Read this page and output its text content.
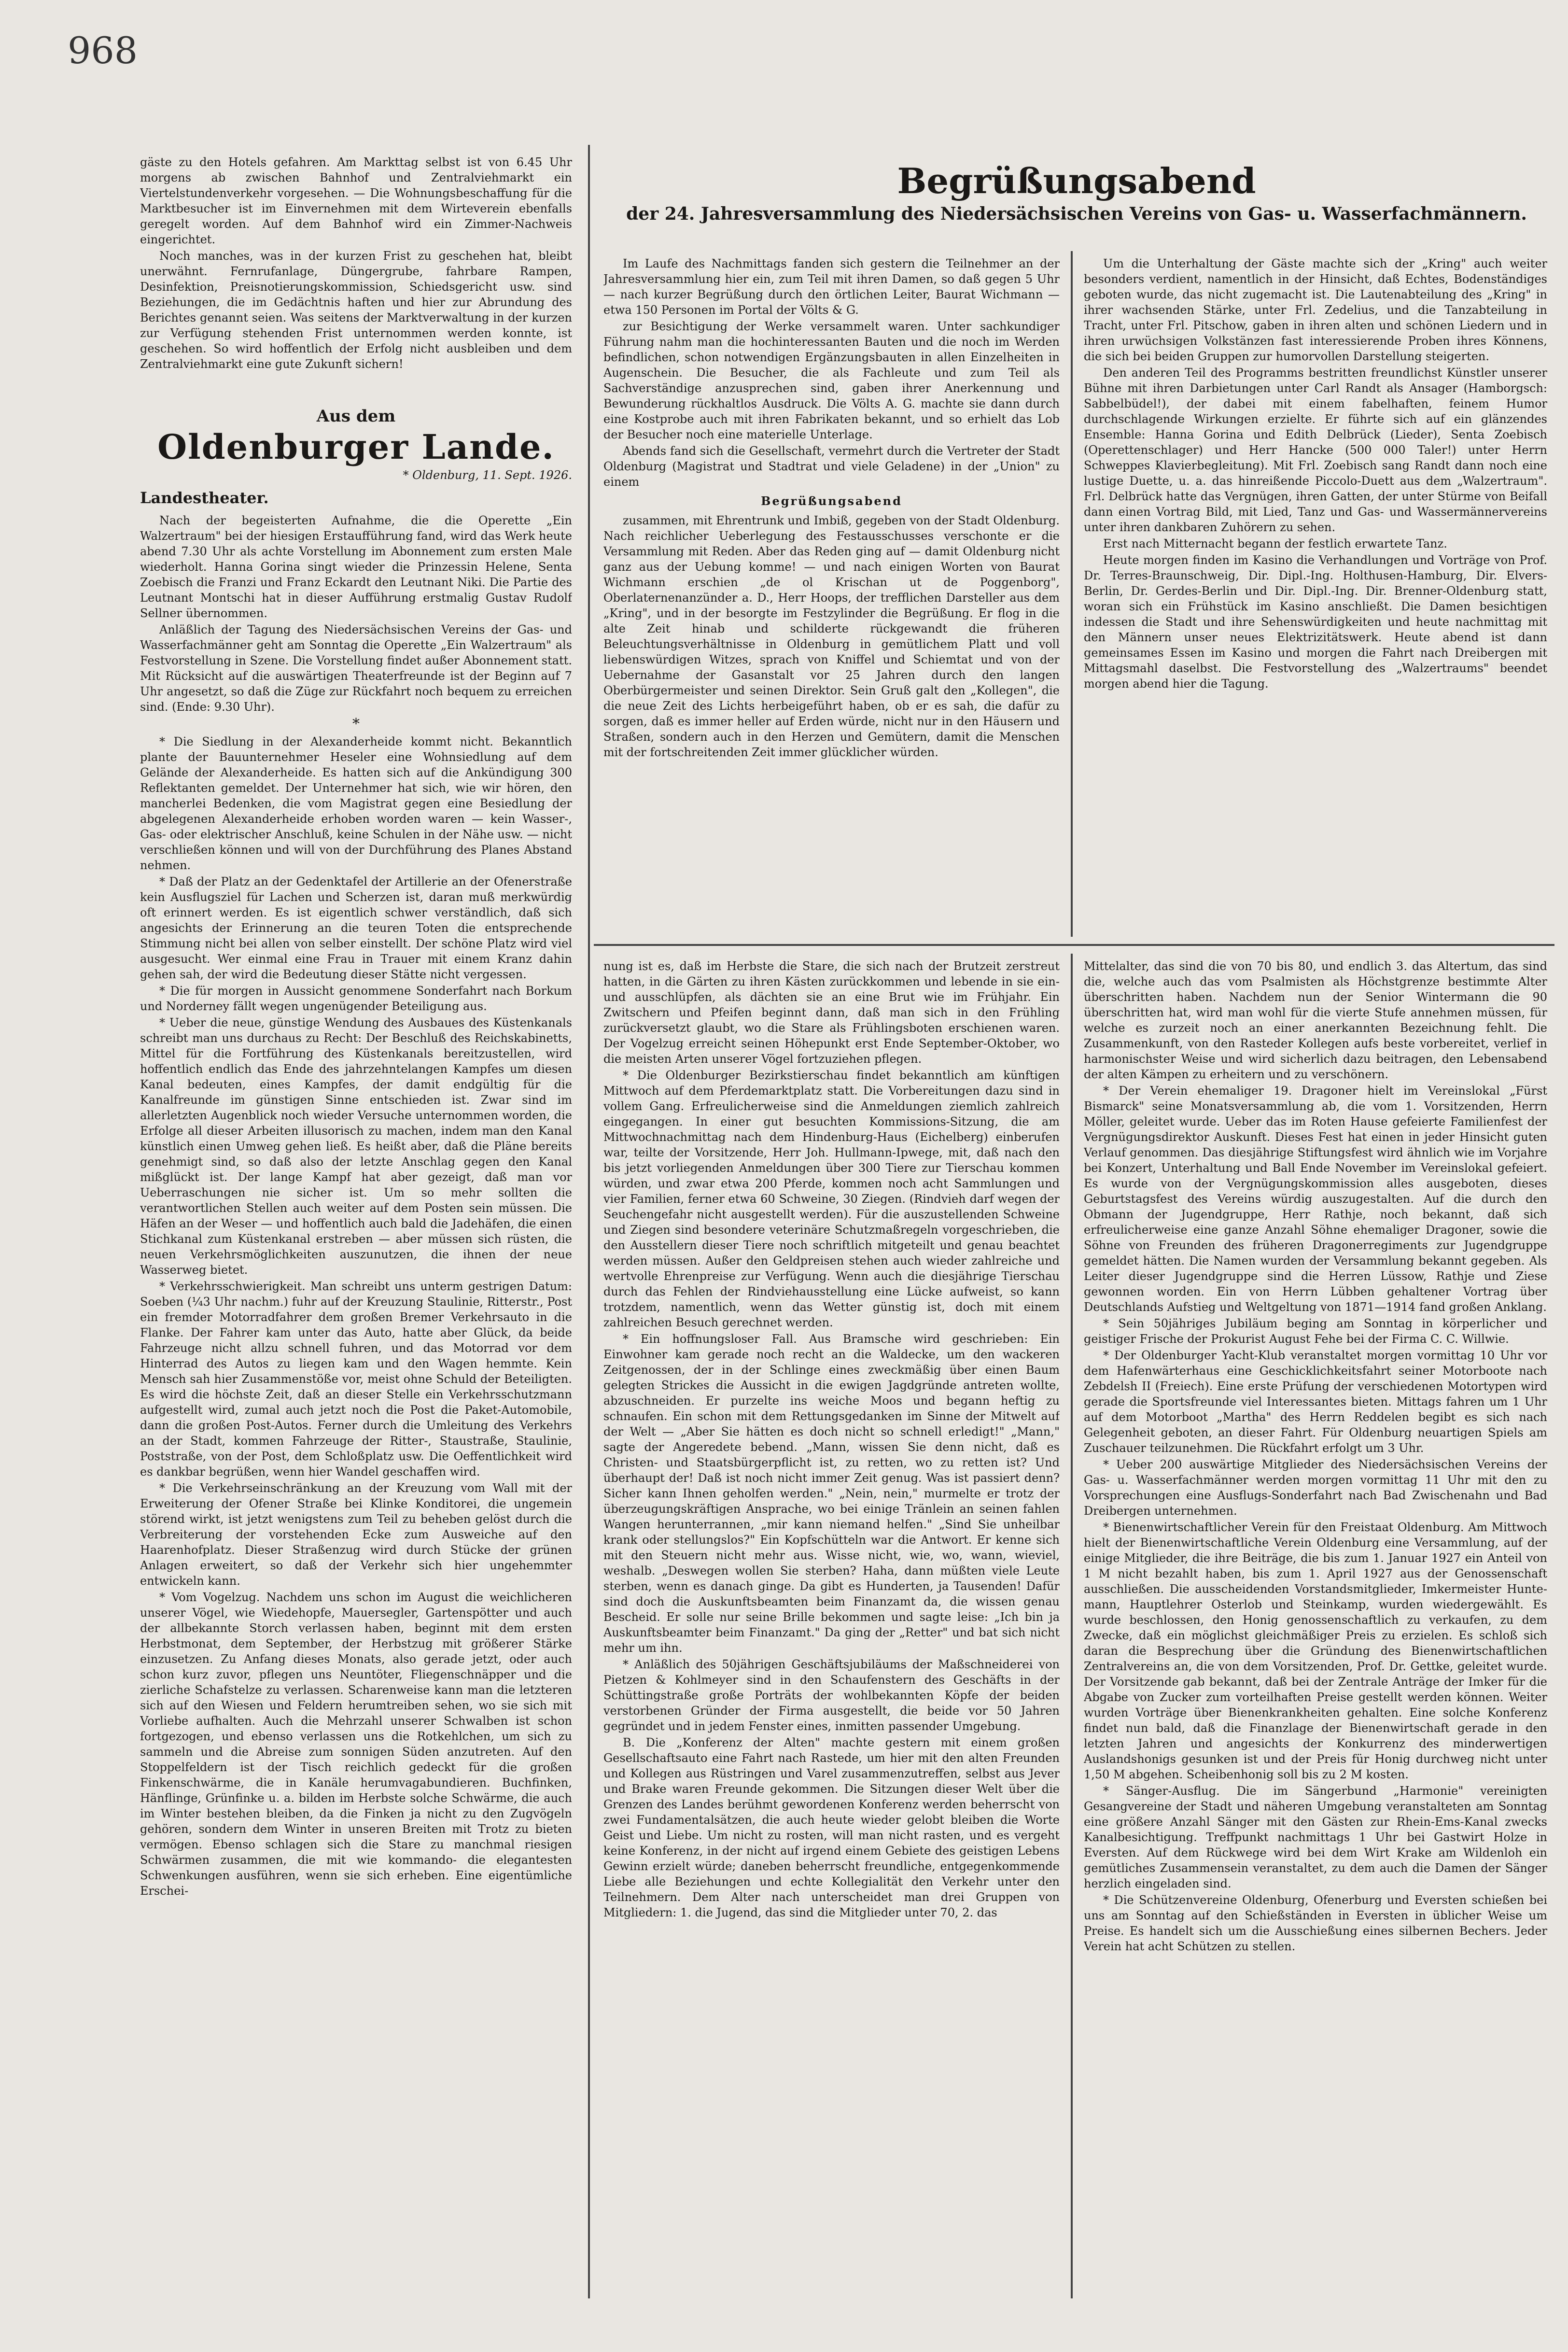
968

gäste zu den Hotels gefahren. Am Markttag selbst ist von 6.45 Uhr morgens ab zwischen Bahnhof und Zentralviehmarkt ein Viertelstundenverkehr vorgesehen. — Die Wohnungsbeschaffung für die Marktbesucher ist im Einvernehmen mit dem Wirteverein ebenfalls geregelt worden. Auf dem Bahnhof wird ein Zimmer-Nachweis eingerichtet.

Noch manches, was in der kurzen Frist zu geschehen hat, bleibt unerwähnt. Fernrufanlage, Düngergrube, fahrbare Rampen, Desinfektion, Preisnotierungskommission, Schiedsgericht usw. sind Beziehungen, die im Gedächtnis haften und hier zur Abrundung des Berichtes genannt seien. Was seitens der Marktverwaltung in der kurzen zur Verfügung stehenden Frist unternommen werden konnte, ist geschehen. So wird hoffentlich der Erfolg nicht ausbleiben und dem Zentralviehmarkt eine gute Zukunft sichern!

Aus dem
Oldenburger Lande.
* Oldenburg, 11. Sept. 1926.
Landestheater.

Nach der begeisterten Aufnahme, die die Operette „Ein Walzertraum" bei der hiesigen Erstaufführung fand, wird das Werk heute abend 7.30 Uhr als achte Vorstellung im Abonnement zum ersten Male wiederholt. Hanna Gorina singt wieder die Prinzessin Helene, Senta Zoebisch die Franzi und Franz Eckardt den Leutnant Niki. Die Partie des Leutnant Montschi hat in dieser Aufführung erstmalig Gustav Rudolf Sellner übernommen.

Anläßlich der Tagung des Niedersächsischen Vereins der Gas- und Wasserfachmänner geht am Sonntag die Operette „Ein Walzertraum" als Festvorstellung in Szene. Die Vorstellung findet außer Abonnement statt. Mit Rücksicht auf die auswärtigen Theaterfreunde ist der Beginn auf 7 Uhr angesetzt, so daß die Züge zur Rückfahrt noch bequem zu erreichen sind. (Ende: 9.30 Uhr).

*

* Die Siedlung in der Alexanderheide kommt nicht. Bekanntlich plante der Bauunternehmer Heseler eine Wohnsiedlung auf dem Gelände der Alexanderheide. Es hatten sich auf die Ankündigung 300 Reflektanten gemeldet. Der Unternehmer hat sich, wie wir hören, den mancherlei Bedenken, die vom Magistrat gegen eine Besiedlung der abgelegenen Alexanderheide erhoben worden waren — kein Wasser-, Gas- oder elektrischer Anschluß, keine Schulen in der Nähe usw. — nicht verschließen können und will von der Durchführung des Planes Abstand nehmen.

* Daß der Platz an der Gedenktafel der Artillerie an der Ofenerstraße kein Ausflugsziel für Lachen und Scherzen ist, daran muß merkwürdig oft erinnert werden. Es ist eigentlich schwer verständlich, daß sich angesichts der Erinnerung an die teuren Toten die entsprechende Stimmung nicht bei allen von selber einstellt. Der schöne Platz wird viel ausgesucht. Wer einmal eine Frau in Trauer mit einem Kranz dahin gehen sah, der wird die Bedeutung dieser Stätte nicht vergessen.

* Die für morgen in Aussicht genommene Sonderfahrt nach Borkum und Norderney fällt wegen ungenügender Beteiligung aus.

* Ueber die neue, günstige Wendung des Ausbaues des Küstenkanals schreibt man uns durchaus zu Recht: Der Beschluß des Reichskabinetts, Mittel für die Fortführung des Küstenkanals bereitzustellen, wird hoffentlich endlich das Ende des jahrzehntelangen Kampfes um diesen Kanal bedeuten, eines Kampfes, der damit endgültig für die Kanalfreunde im günstigen Sinne entschieden ist. Zwar sind im allerletzten Augenblick noch wieder Versuche unternommen worden, die Erfolge all dieser Arbeiten illusorisch zu machen, indem man den Kanal künstlich einen Umweg gehen ließ. Es heißt aber, daß die Pläne bereits genehmigt sind, so daß also der letzte Anschlag gegen den Kanal mißglückt ist. Der lange Kampf hat aber gezeigt, daß man vor Ueberraschungen nie sicher ist. Um so mehr sollten die verantwortlichen Stellen auch weiter auf dem Posten sein müssen. Die Häfen an der Weser — und hoffentlich auch bald die Jadehäfen, die einen Stichkanal zum Küstenkanal erstreben — aber müssen sich rüsten, die neuen Verkehrsmöglichkeiten auszunutzen, die ihnen der neue Wasserweg bietet.

* Verkehrsschwierigkeit. Man schreibt uns unterm gestrigen Datum: Soeben (¼3 Uhr nachm.) fuhr auf der Kreuzung Staulinie, Ritterstr., Post ein fremder Motorradfahrer dem großen Bremer Verkehrsauto in die Flanke. Der Fahrer kam unter das Auto, hatte aber Glück, da beide Fahrzeuge nicht allzu schnell fuhren, und das Motorrad vor dem Hinterrad des Autos zu liegen kam und den Wagen hemmte. Kein Mensch sah hier Zusammenstöße vor, meist ohne Schuld der Beteiligten. Es wird die höchste Zeit, daß an dieser Stelle ein Verkehrsschutzmann aufgestellt wird, zumal auch jetzt noch die Post die Paket-Automobile, dann die großen Post-Autos. Ferner durch die Umleitung des Verkehrs an der Stadt, kommen Fahrzeuge der Ritter-, Staustraße, Staulinie, Poststraße, von der Post, dem Schloßplatz usw. Die Oeffentlichkeit wird es dankbar begrüßen, wenn hier Wandel geschaffen wird.

* Die Verkehrseinschränkung an der Kreuzung vom Wall mit der Erweiterung der Ofener Straße bei Klinke Konditorei, die ungemein störend wirkt, ist jetzt wenigstens zum Teil zu beheben gelöst durch die Verbreiterung der vorstehenden Ecke zum Ausweiche auf den Haarenhofplatz. Dieser Straßenzug wird durch Stücke der grünen Anlagen erweitert, so daß der Verkehr sich hier ungehemmter entwickeln kann.

* Vom Vogelzug. Nachdem uns schon im August die weichlicheren unserer Vögel, wie Wiedehopfe, Mauersegler, Gartenspötter und auch der allbekannte Storch verlassen haben, beginnt mit dem ersten Herbstmonat, dem September, der Herbstzug mit größerer Stärke einzusetzen. Zu Anfang dieses Monats, also gerade jetzt, oder auch schon kurz zuvor, pflegen uns Neuntöter, Fliegenschnäpper und die zierliche Schafstelze zu verlassen. Scharenweise kann man die letzteren sich auf den Wiesen und Feldern herumtreiben sehen, wo sie sich mit Vorliebe aufhalten. Auch die Mehrzahl unserer Schwalben ist schon fortgezogen, und ebenso verlassen uns die Rotkehlchen, um sich zu sammeln und die Abreise zum sonnigen Süden anzutreten. Auf den Stoppelfeldern ist der Tisch reichlich gedeckt für die großen Finkenschwärme, die in Kanäle herumvagabundieren. Buchfinken, Hänflinge, Grünfinke u. a. bilden im Herbste solche Schwärme, die auch im Winter bestehen bleiben, da die Finken ja nicht zu den Zugvögeln gehören, sondern dem Winter in unseren Breiten mit Trotz zu bieten vermögen. Ebenso schlagen sich die Stare zu manchmal riesigen Schwärmen zusammen, die mit wie kommando- die elegantesten Schwenkungen ausführen, wenn sie sich erheben. Eine eigentümliche Erschei-

Begrüßungsabend
der 24. Jahresversammlung des Niedersächsischen Vereins von Gas- u. Wasserfachmännern.

Im Laufe des Nachmittags fanden sich gestern die Teilnehmer an der Jahresversammlung hier ein, zum Teil mit ihren Damen, so daß gegen 5 Uhr — nach kurzer Begrüßung durch den örtlichen Leiter, Baurat Wichmann — etwa 150 Personen im Portal der Völts & G.

zur Besichtigung der Werke versammelt waren. Unter sachkundiger Führung nahm man die hochinteressanten Bauten und die noch im Werden befindlichen, schon notwendigen Ergänzungsbauten in allen Einzelheiten in Augenschein. Die Besucher, die als Fachleute und zum Teil als Sachverständige anzusprechen sind, gaben ihrer Anerkennung und Bewunderung rückhaltlos Ausdruck. Die Völts A. G. machte sie dann durch eine Kostprobe auch mit ihren Fabrikaten bekannt, und so erhielt das Lob der Besucher noch eine materielle Unterlage.

Abends fand sich die Gesellschaft, vermehrt durch die Vertreter der Stadt Oldenburg (Magistrat und Stadtrat und viele Geladene) in der „Union" zu einem

Begrüßungsabend

zusammen, mit Ehrentrunk und Imbiß, gegeben von der Stadt Oldenburg. Nach reichlicher Ueberlegung des Festausschusses verschonte er die Versammlung mit Reden. Aber das Reden ging auf — damit Oldenburg nicht ganz aus der Uebung komme! — und nach einigen Worten von Baurat Wichmann erschien „de ol Krischan ut de Poggenborg", Oberlaternenanzünder a. D., Herr Hoops, der trefflichen Darsteller aus dem „Kring", und in der besorgte im Festzylinder die Begrüßung. Er flog in die alte Zeit hinab und schilderte rückgewandt die früheren Beleuchtungsverhältnisse in Oldenburg in gemütlichem Platt und voll liebenswürdigen Witzes, sprach von Kniffel und Schiemtat und von der Uebernahme der Gasanstalt vor 25 Jahren durch den langen Oberbürgermeister und seinen Direktor. Sein Gruß galt den „Kollegen", die die neue Zeit des Lichts herbeigeführt haben, ob er es sah, die dafür zu sorgen, daß es immer heller auf Erden würde, nicht nur in den Häusern und Straßen, sondern auch in den Herzen und Gemütern, damit die Menschen mit der fortschreitenden Zeit immer glücklicher würden.

Um die Unterhaltung der Gäste machte sich der „Kring" auch weiter besonders verdient, namentlich in der Hinsicht, daß Echtes, Bodenständiges geboten wurde, das nicht zugemacht ist. Die Lautenabteilung des „Kring" in ihrer wachsenden Stärke, unter Frl. Zedelius, und die Tanzabteilung in Tracht, unter Frl. Pitschow, gaben in ihren alten und schönen Liedern und in ihren urwüchsigen Volkstänzen fast interessierende Proben ihres Könnens, die sich bei beiden Gruppen zur humorvollen Darstellung steigerten.

Den anderen Teil des Programms bestritten freundlichst Künstler unserer Bühne mit ihren Darbietungen unter Carl Randt als Ansager (Hamborgsch: Sabbelbüdel!), der dabei mit einem fabelhaften, feinem Humor durchschlagende Wirkungen erzielte. Er führte sich auf ein glänzendes Ensemble: Hanna Gorina und Edith Delbrück (Lieder), Senta Zoebisch (Operettenschlager) und Herr Hancke (500 000 Taler!) unter Herrn Schweppes Klavierbegleitung). Mit Frl. Zoebisch sang Randt dann noch eine lustige Duette, u. a. das hinreißende Piccolo-Duett aus dem „Walzertraum". Frl. Delbrück hatte das Vergnügen, ihren Gatten, der unter Stürme von Beifall dann einen Vortrag Bild, mit Lied, Tanz und Gas- und Wassermännervereins unter ihren dankbaren Zuhörern zu sehen.

Erst nach Mitternacht begann der festlich erwartete Tanz.

Heute morgen finden im Kasino die Verhandlungen und Vorträge von Prof. Dr. Terres-Braunschweig, Dir. Dipl.-Ing. Holthusen-Hamburg, Dir. Elvers-Berlin, Dr. Gerdes-Berlin und Dir. Dipl.-Ing. Dir. Brenner-Oldenburg statt, woran sich ein Frühstück im Kasino anschließt. Die Damen besichtigen indessen die Stadt und ihre Sehenswürdigkeiten und heute nachmittag mit den Männern unser neues Elektrizitätswerk. Heute abend ist dann gemeinsames Essen im Kasino und morgen die Fahrt nach Dreibergen mit Mittagsmahl daselbst. Die Festvorstellung des „Walzertraums" beendet morgen abend hier die Tagung.

nung ist es, daß im Herbste die Stare, die sich nach der Brutzeit zerstreut hatten, in die Gärten zu ihren Kästen zurückkommen und lebende in sie ein- und ausschlüpfen, als dächten sie an eine Brut wie im Frühjahr. Ein Zwitschern und Pfeifen beginnt dann, daß man sich in den Frühling zurückversetzt glaubt, wo die Stare als Frühlingsboten erschienen waren. Der Vogelzug erreicht seinen Höhepunkt erst Ende September-Oktober, wo die meisten Arten unserer Vögel fortzuziehen pflegen.

* Die Oldenburger Bezirkstierschau findet bekanntlich am künftigen Mittwoch auf dem Pferdemarktplatz statt. Die Vorbereitungen dazu sind in vollem Gang. Erfreulicherweise sind die Anmeldungen ziemlich zahlreich eingegangen. In einer gut besuchten Kommissions-Sitzung, die am Mittwochnachmittag nach dem Hindenburg-Haus (Eichelberg) einberufen war, teilte der Vorsitzende, Herr Joh. Hullmann-Ipwege, mit, daß nach den bis jetzt vorliegenden Anmeldungen über 300 Tiere zur Tierschau kommen würden, und zwar etwa 200 Pferde, kommen noch acht Sammlungen und vier Familien, ferner etwa 60 Schweine, 30 Ziegen. (Rindvieh darf wegen der Seuchengefahr nicht ausgestellt werden). Für die auszustellenden Schweine und Ziegen sind besondere veterinäre Schutzmaßregeln vorgeschrieben, die den Ausstellern dieser Tiere noch schriftlich mitgeteilt und genau beachtet werden müssen. Außer den Geldpreisen stehen auch wieder zahlreiche und wertvolle Ehrenpreise zur Verfügung. Wenn auch die diesjährige Tierschau durch das Fehlen der Rindviehausstellung eine Lücke aufweist, so kann trotzdem, namentlich, wenn das Wetter günstig ist, doch mit einem zahlreichen Besuch gerechnet werden.

* Ein hoffnungsloser Fall. Aus Bramsche wird geschrieben: Ein Einwohner kam gerade noch recht an die Waldecke, um den wackeren Zeitgenossen, der in der Schlinge eines zweckmäßig über einen Baum gelegten Strickes die Aussicht in die ewigen Jagdgründe antreten wollte, abzuschneiden. Er purzelte ins weiche Moos und begann heftig zu schnaufen. Ein schon mit dem Rettungsgedanken im Sinne der Mitwelt auf der Welt — „Aber Sie hätten es doch nicht so schnell erledigt!" „Mann," sagte der Angeredete bebend. „Mann, wissen Sie denn nicht, daß es Christen- und Staatsbürgerpflicht ist, zu retten, wo zu retten ist? Und überhaupt der! Daß ist noch nicht immer Zeit genug. Was ist passiert denn? Sicher kann Ihnen geholfen werden." „Nein, nein," murmelte er trotz der überzeugungskräftigen Ansprache, wo bei einige Tränlein an seinen fahlen Wangen herunterrannen, „mir kann niemand helfen." „Sind Sie unheilbar krank oder stellungslos?" Ein Kopfschütteln war die Antwort. Er kenne sich mit den Steuern nicht mehr aus. Wisse nicht, wie, wo, wann, wieviel, weshalb. „Deswegen wollen Sie sterben? Haha, dann müßten viele Leute sterben, wenn es danach ginge. Da gibt es Hunderten, ja Tausenden! Dafür sind doch die Auskunftsbeamten beim Finanzamt da, die wissen genau Bescheid. Er solle nur seine Brille bekommen und sagte leise: „Ich bin ja Auskunftsbeamter beim Finanzamt." Da ging der „Retter" und bat sich nicht mehr um ihn.

* Anläßlich des 50jährigen Geschäftsjubiläums der Maßschneiderei von Pietzen & Kohlmeyer sind in den Schaufenstern des Geschäfts in der Schüttingstraße große Porträts der wohlbekannten Köpfe der beiden verstorbenen Gründer der Firma ausgestellt, die beide vor 50 Jahren gegründet und in jedem Fenster eines, inmitten passender Umgebung.

B. Die „Konferenz der Alten" machte gestern mit einem großen Gesellschaftsauto eine Fahrt nach Rastede, um hier mit den alten Freunden und Kollegen aus Rüstringen und Varel zusammenzutreffen, selbst aus Jever und Brake waren Freunde gekommen. Die Sitzungen dieser Welt über die Grenzen des Landes berühmt gewordenen Konferenz werden beherrscht von zwei Fundamentalsätzen, die auch heute wieder gelobt bleiben die Worte Geist und Liebe. Um nicht zu rosten, will man nicht rasten, und es vergeht keine Konferenz, in der nicht auf irgend einem Gebiete des geistigen Lebens Gewinn erzielt würde; daneben beherrscht freundliche, entgegenkommende Liebe alle Beziehungen und echte Kollegialität den Verkehr unter den Teilnehmern. Dem Alter nach unterscheidet man drei Gruppen von Mitgliedern: 1. die Jugend, das sind die Mitglieder unter 70, 2. das

Mittelalter, das sind die von 70 bis 80, und endlich 3. das Altertum, das sind die, welche auch das vom Psalmisten als Höchstgrenze bestimmte Alter überschritten haben. Nachdem nun der Senior Wintermann die 90 überschritten hat, wird man wohl für die vierte Stufe annehmen müssen, für welche es zurzeit noch an einer anerkannten Bezeichnung fehlt. Die Zusammenkunft, von den Rasteder Kollegen aufs beste vorbereitet, verlief in harmonischster Weise und wird sicherlich dazu beitragen, den Lebensabend der alten Kämpen zu erheitern und zu verschönern.

* Der Verein ehemaliger 19. Dragoner hielt im Vereinslokal „Fürst Bismarck" seine Monatsversammlung ab, die vom 1. Vorsitzenden, Herrn Möller, geleitet wurde. Ueber das im Roten Hause gefeierte Familienfest der Vergnügungsdirektor Auskunft. Dieses Fest hat einen in jeder Hinsicht guten Verlauf genommen. Das diesjährige Stiftungsfest wird ähnlich wie im Vorjahre bei Konzert, Unterhaltung und Ball Ende November im Vereinslokal gefeiert. Es wurde von der Vergnügungskommission alles ausgeboten, dieses Geburtstagsfest des Vereins würdig auszugestalten. Auf die durch den Obmann der Jugendgruppe, Herr Rathje, noch bekannt, daß sich erfreulicherweise eine ganze Anzahl Söhne ehemaliger Dragoner, sowie die Söhne von Freunden des früheren Dragonerregiments zur Jugendgruppe gemeldet hätten. Die Namen wurden der Versammlung bekannt gegeben. Als Leiter dieser Jugendgruppe sind die Herren Lüssow, Rathje und Ziese gewonnen worden. Ein von Herrn Lübben gehaltener Vortrag über Deutschlands Aufstieg und Weltgeltung von 1871—1914 fand großen Anklang.

* Sein 50jähriges Jubiläum beging am Sonntag in körperlicher und geistiger Frische der Prokurist August Fehe bei der Firma C. C. Willwie.

* Der Oldenburger Yacht-Klub veranstaltet morgen vormittag 10 Uhr vor dem Hafenwärterhaus eine Geschicklichkeitsfahrt seiner Motorboote nach Zebdelsh II (Freiech). Eine erste Prüfung der verschiedenen Motortypen wird gerade die Sportsfreunde viel Interessantes bieten. Mittags fahren um 1 Uhr auf dem Motorboot „Martha" des Herrn Reddelen begibt es sich nach Gelegenheit geboten, an dieser Fahrt. Für Oldenburg neuartigen Spiels am Zuschauer teilzunehmen. Die Rückfahrt erfolgt um 3 Uhr.

* Ueber 200 auswärtige Mitglieder des Niedersächsischen Vereins der Gas- u. Wasserfachmänner werden morgen vormittag 11 Uhr mit den zu Vorsprechungen eine Ausflugs-Sonderfahrt nach Bad Zwischenahn und Bad Dreibergen unternehmen.

* Bienenwirtschaftlicher Verein für den Freistaat Oldenburg. Am Mittwoch hielt der Bienenwirtschaftliche Verein Oldenburg eine Versammlung, auf der einige Mitglieder, die ihre Beiträge, die bis zum 1. Januar 1927 ein Anteil von 1 M nicht bezahlt haben, bis zum 1. April 1927 aus der Genossenschaft ausschließen. Die ausscheidenden Vorstandsmitglieder, Imkermeister Hunte-mann, Hauptlehrer Osterlob und Steinkamp, wurden wiedergewählt. Es wurde beschlossen, den Honig genossenschaftlich zu verkaufen, zu dem Zwecke, daß ein möglichst gleichmäßiger Preis zu erzielen. Es schloß sich daran die Besprechung über die Gründung des Bienenwirtschaftlichen Zentralvereins an, die von dem Vorsitzenden, Prof. Dr. Gettke, geleitet wurde. Der Vorsitzende gab bekannt, daß bei der Zentrale Anträge der Imker für die Abgabe von Zucker zum vorteilhaften Preise gestellt werden können. Weiter wurden Vorträge über Bienenkrankheiten gehalten. Eine solche Konferenz findet nun bald, daß die Finanzlage der Bienenwirtschaft gerade in den letzten Jahren und angesichts der Konkurrenz des minderwertigen Auslandshonigs gesunken ist und der Preis für Honig durchweg nicht unter 1,50 M abgehen. Scheibenhonig soll bis zu 2 M kosten.

* Sänger-Ausflug. Die im Sängerbund „Harmonie" vereinigten Gesangvereine der Stadt und näheren Umgebung veranstalteten am Sonntag eine größere Anzahl Sänger mit den Gästen zur Rhein-Ems-Kanal zwecks Kanalbesichtigung. Treffpunkt nachmittags 1 Uhr bei Gastwirt Holze in Eversten. Auf dem Rückwege wird bei dem Wirt Krake am Wildenloh ein gemütliches Zusammensein veranstaltet, zu dem auch die Damen der Sänger herzlich eingeladen sind.

* Die Schützenvereine Oldenburg, Ofenerburg und Eversten schießen bei uns am Sonntag auf den Schießständen in Eversten in üblicher Weise um Preise. Es handelt sich um die Ausschießung eines silbernen Bechers. Jeder Verein hat acht Schützen zu stellen.
